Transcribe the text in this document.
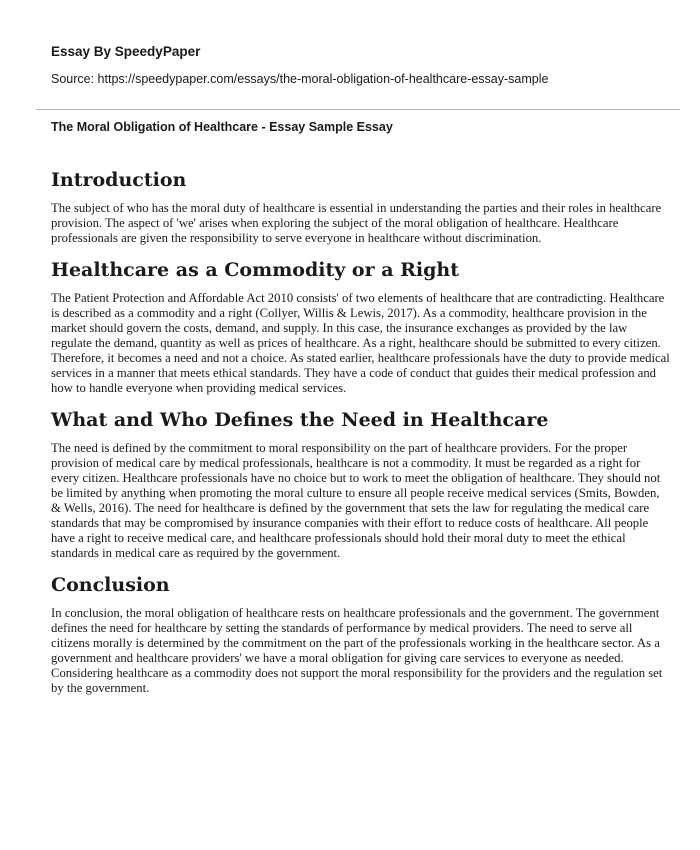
Essay By SpeedyPaper
Source: https://speedypaper.com/essays/the-moral-obligation-of-healthcare-essay-sample
The Moral Obligation of Healthcare - Essay Sample Essay
Introduction

The subject of who has the moral duty of healthcare is essential in understanding the parties and their roles in healthcare provision. The aspect of 'we' arises when exploring the subject of the moral obligation of healthcare. Healthcare professionals are given the responsibility to serve everyone in healthcare without discrimination.

Healthcare as a Commodity or a Right

The Patient Protection and Affordable Act 2010 consists' of two elements of healthcare that are contradicting. Healthcare is described as a commodity and a right (Collyer, Willis & Lewis, 2017). As a commodity, healthcare provision in the market should govern the costs, demand, and supply. In this case, the insurance exchanges as provided by the law regulate the demand, quantity as well as prices of healthcare. As a right, healthcare should be submitted to every citizen. Therefore, it becomes a need and not a choice. As stated earlier, healthcare professionals have the duty to provide medical services in a manner that meets ethical standards. They have a code of conduct that guides their medical profession and how to handle everyone when providing medical services.

What and Who Defines the Need in Healthcare

The need is defined by the commitment to moral responsibility on the part of healthcare providers. For the proper provision of medical care by medical professionals, healthcare is not a commodity. It must be regarded as a right for every citizen. Healthcare professionals have no choice but to work to meet the obligation of healthcare. They should not be limited by anything when promoting the moral culture to ensure all people receive medical services (Smits, Bowden, & Wells, 2016). The need for healthcare is defined by the government that sets the law for regulating the medical care standards that may be compromised by insurance companies with their effort to reduce costs of healthcare. All people have a right to receive medical care, and healthcare professionals should hold their moral duty to meet the ethical standards in medical care as required by the government.

Conclusion

In conclusion, the moral obligation of healthcare rests on healthcare professionals and the government. The government defines the need for healthcare by setting the standards of performance by medical providers. The need to serve all citizens morally is determined by the commitment on the part of the professionals working in the healthcare sector. As a government and healthcare providers' we have a moral obligation for giving care services to everyone as needed. Considering healthcare as a commodity does not support the moral responsibility for the providers and the regulation set by the government.
